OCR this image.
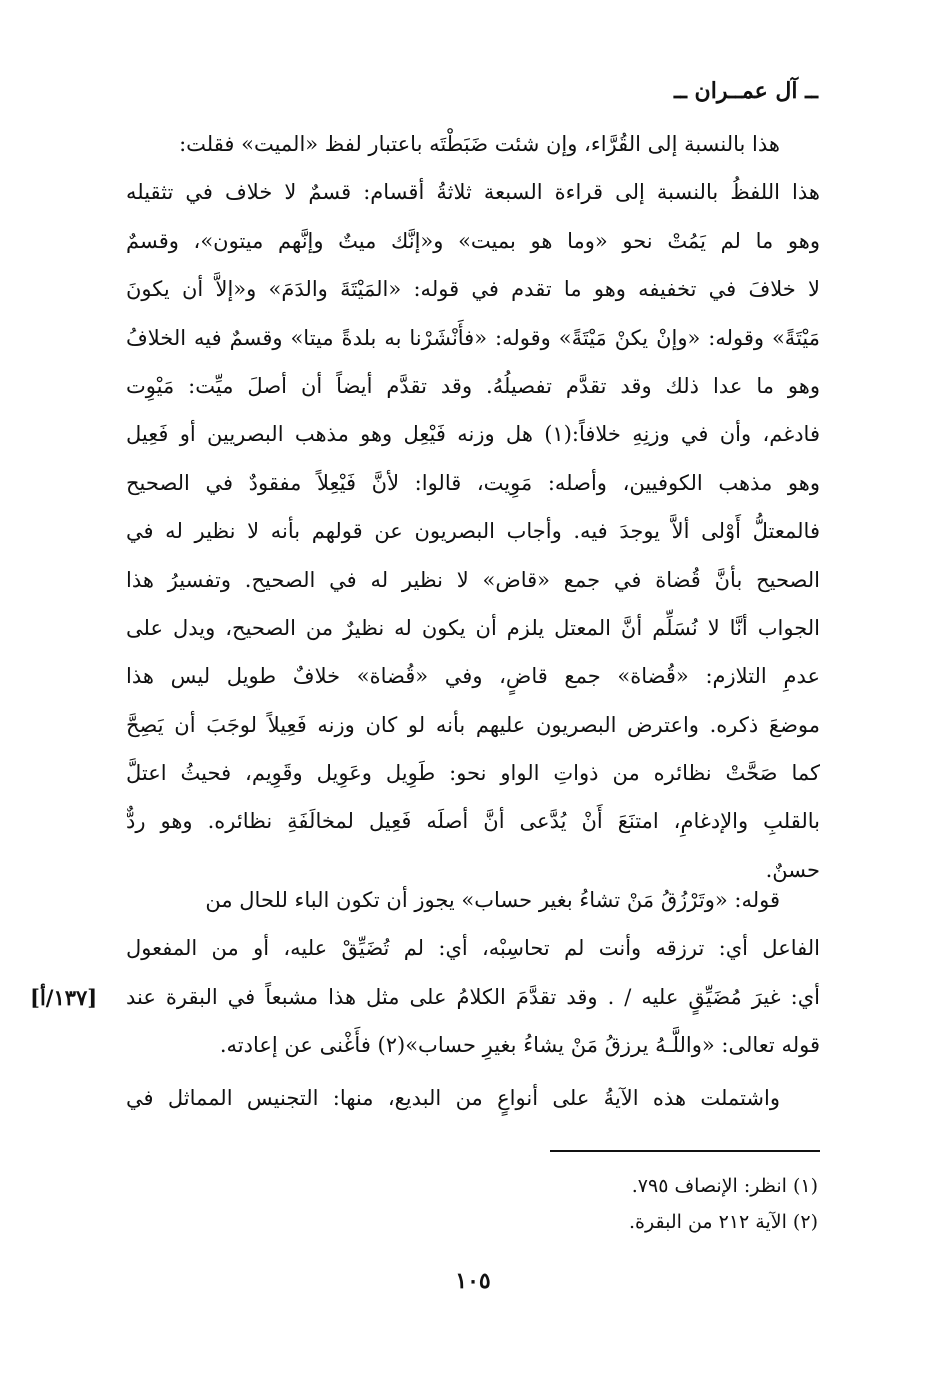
ــ آل عمــران ــ
هذا بالنسبة إلى القُرَّاء، وإن شئت ضَبَطْتَه باعتبار لفظ «الميت» فقلت:
هذا اللفظُ بالنسبة إلى قراءة السبعة ثلاثةُ أقسام: قسمٌ لا خلاف في تثقيله
وهو ما لم يَمُتْ نحو «وما هو بميت» و«إنَّك ميتٌ وإنَّهم ميتون»، وقسمٌ
لا خلافَ في تخفيفه وهو ما تقدم في قوله: «المَيْتَةَ والدَمَ» و«إلاَّ أن يكونَ
مَيْتَةً» وقوله: «وإنْ يكنْ مَيْتَةً» وقوله: «فأَنْشَرْنا به بلدةً ميتا» وقسمٌ فيه الخلافُ
وهو ما عدا ذلك وقد تقدَّم تفصيلُهُ. وقد تقدَّم أيضاً أن أصلَ ميِّت: مَيْوِت
فادغم، وأن في وزنِهِ خلافاً:(١) هل وزنه فَيْعِل وهو مذهب البصريين أو فَعِيل
وهو مذهب الكوفيين، وأصله: مَوِيت، قالوا: لأنَّ فَيْعِلاً مفقودٌ في الصحيح
فالمعتلُّ أَوْلى ألاَّ يوجدَ فيه. وأجاب البصريون عن قولهم بأنه لا نظير له في
الصحيح بأنَّ قُضاة في جمع «قاض» لا نظير له في الصحيح. وتفسيرُ هذا
الجواب أنَّا لا نُسَلِّم أنَّ المعتل يلزم أن يكون له نظيرٌ من الصحيح، ويدل على
عدمِ التلازم: «قُضاة» جمع قاضٍ، وفي «قُضاة» خلافٌ طويل ليس هذا
موضعَ ذكره. واعترض البصريون عليهم بأنه لو كان وزنه فَعِيلاً لوجَبَ أن يَصِحَّ
كما صَحَّتْ نظائره من ذواتِ الواو نحو: طَوِيل وعَوِيل وقَوِيم، فحيثُ اعتلَّ
بالقلبِ والإدغامِ، امتنَعَ أَنْ يُدَّعى أنَّ أصلَه فَعِيل لمخالَفَةِ نظائره. وهو ردٌّ
حسنٌ.
قوله: «وتَرْزُقُ مَنْ تشاءُ بغير حساب» يجوز أن تكون الباء للحال من
الفاعل أي: ترزقه وأنت لم تحاسِبْه، أي: لم تُضَيِّقْ عليه، أو من المفعول
أي: غيرَ مُضَيِّقٍ عليه / . وقد تقدَّمَ الكلامُ على مثل هذا مشبعاً في البقرة عند
قوله تعالى: «واللَّـهُ يرزقُ مَنْ يشاءُ بغيرِ حساب»(٢) فأَغْنى عن إعادته.
[١٣٧/أ]
واشتملت هذه الآيةُ على أنواعٍ من البديع، منها: التجنيس المماثل في
(١) انظر: الإنصاف ٧٩٥.
(٢) الآية ٢١٢ من البقرة.
١٠٥
